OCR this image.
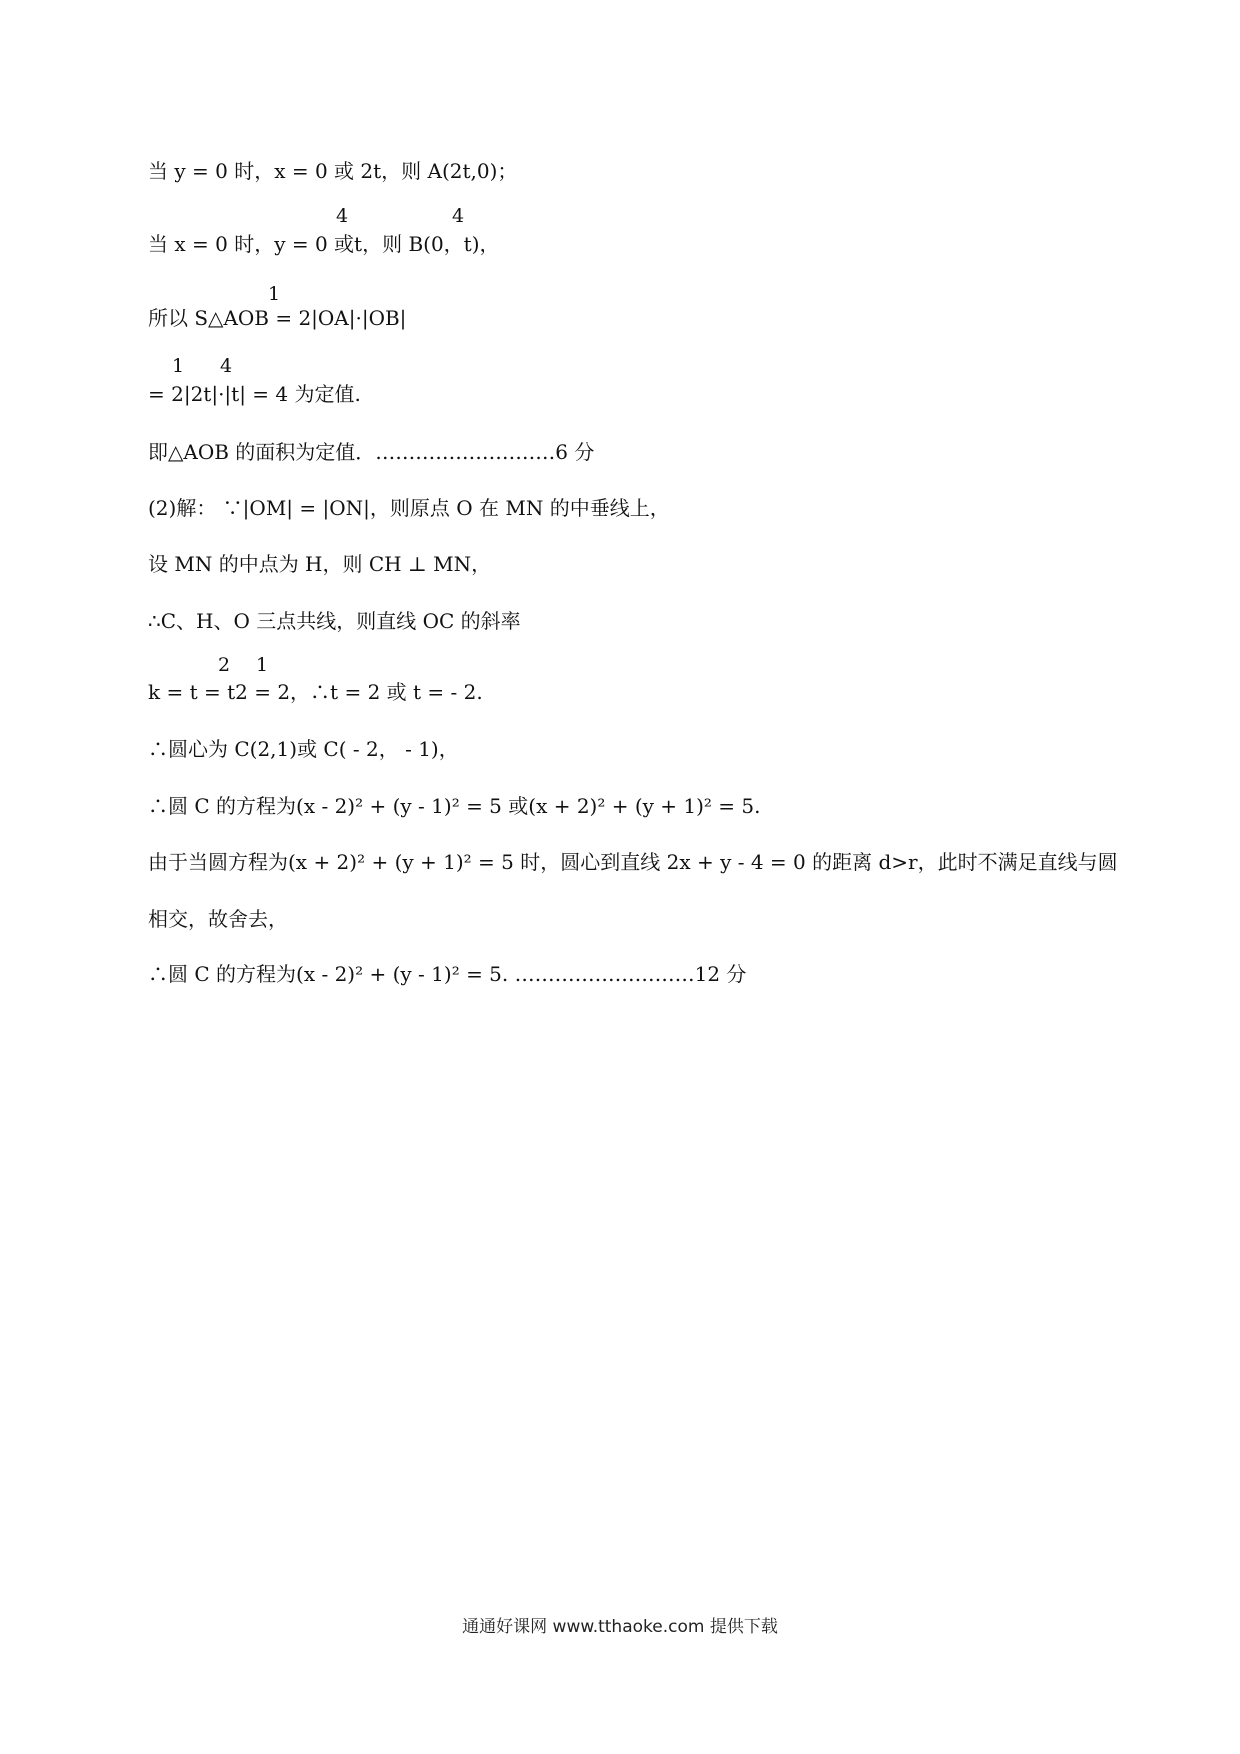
当 y = 0 时，x = 0 或 2t，则 A(2t,0)；
4	4
当 x = 0 时，y = 0 或t，则 B(0，t)，
1
所以 S△AOB = 2|OA|·|OB|
1 4
= 2|2t|·|t| = 4 为定值.
即△AOB 的面积为定值．………………………6 分
(2)解： ∵|OM| = |ON|，则原点 O 在 MN 的中垂线上，
设 MN 的中点为 H，则 CH ⊥ MN，
∴C、H、O 三点共线，则直线 OC 的斜率
2 1
k = t = t2 = 2，∴t = 2 或 t = - 2.
∴圆心为 C(2,1)或 C( - 2， - 1)，
∴圆 C 的方程为(x - 2)² + (y - 1)² = 5 或(x + 2)² + (y + 1)² = 5.
由于当圆方程为(x + 2)² + (y + 1)² = 5 时，圆心到直线 2x + y - 4 = 0 的距离 d>r，此时不满足直线与圆
相交，故舍去，
∴圆 C 的方程为(x - 2)² + (y - 1)² = 5. ………………………12 分
通通好课网 www.tthaoke.com 提供下载
